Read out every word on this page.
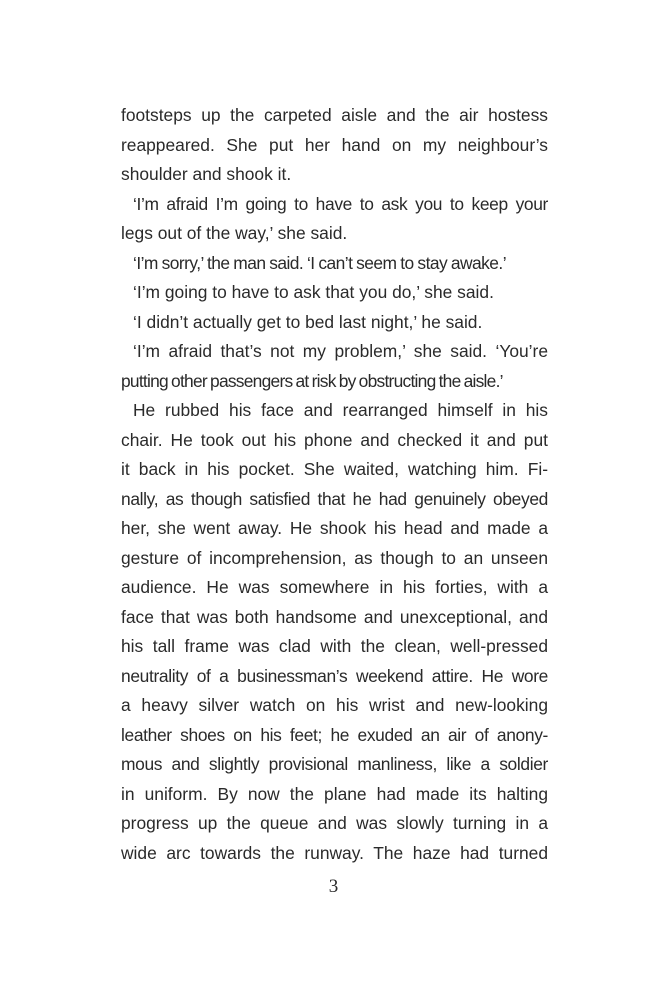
footsteps up the carpeted aisle and the air hostess
reappeared. She put her hand on my neighbour’s
shoulder and shook it.
‘I’m afraid I’m going to have to ask you to keep your
legs out of the way,’ she said.
‘I’m sorry,’ the man said. ‘I can’t seem to stay awake.’
‘I’m going to have to ask that you do,’ she said.
‘I didn’t actually get to bed last night,’ he said.
‘I’m afraid that’s not my problem,’ she said. ‘You’re
putting other passengers at risk by obstructing the aisle.’
He rubbed his face and rearranged himself in his
chair. He took out his phone and checked it and put
it back in his pocket. She waited, watching him. Fi-
nally, as though satisfied that he had genuinely obeyed
her, she went away. He shook his head and made a
gesture of incomprehension, as though to an unseen
audience. He was somewhere in his forties, with a
face that was both handsome and unexceptional, and
his tall frame was clad with the clean, well-pressed
neutrality of a businessman’s weekend attire. He wore
a heavy silver watch on his wrist and new-looking
leather shoes on his feet; he exuded an air of anony-
mous and slightly provisional manliness, like a soldier
in uniform. By now the plane had made its halting
progress up the queue and was slowly turning in a
wide arc towards the runway. The haze had turned
3
